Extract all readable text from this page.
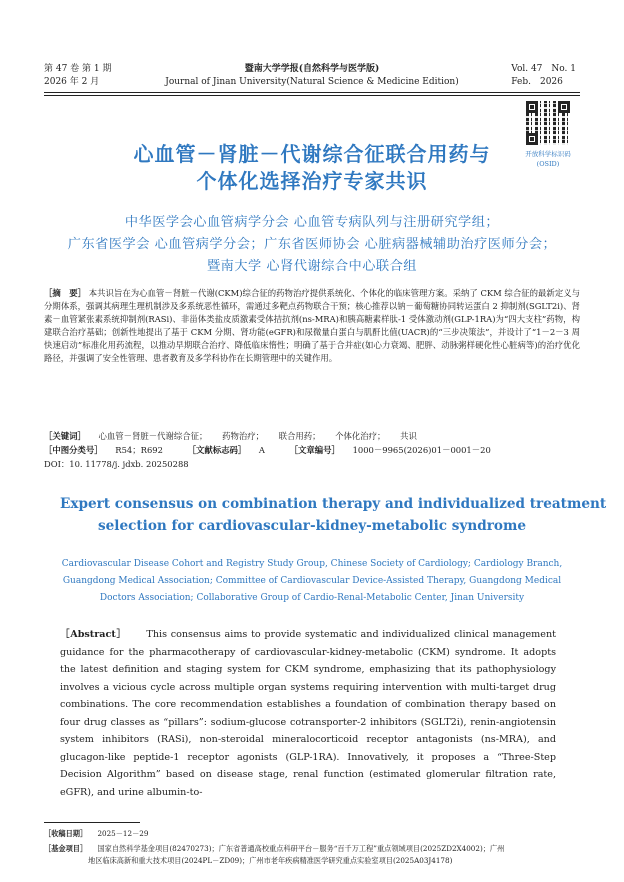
第 47 卷 第 1 期
2026 年 2 月
暨南大学学报(自然科学与医学版)
Journal of Jinan University(Natural Science & Medicine Edition)
Vol. 47　No. 1
Feb.　2026
开放科学标识码
(OSID)
心血管－肾脏－代谢综合征联合用药与
个体化选择治疗专家共识
中华医学会心血管病学分会 心血管专病队列与注册研究学组；
广东省医学会 心血管病学分会；广东省医师协会 心脏病器械辅助治疗医师分会；
暨南大学 心肾代谢综合中心联合组
［摘　要］ 本共识旨在为心血管－肾脏－代谢(CKM)综合征的药物治疗提供系统化、个体化的临床管理方案。采纳了 CKM 综合征的最新定义与分期体系，强调其病理生理机制涉及多系统恶性循环，需通过多靶点药物联合干预；核心推荐以钠－葡萄糖协同转运蛋白 2 抑制剂(SGLT2i)、肾素－血管紧张素系统抑制剂(RASi)、非甾体类盐皮质激素受体拮抗剂(ns-MRA)和胰高糖素样肽-1 受体激动剂(GLP-1RA)为“四大支柱”药物，构建联合治疗基础；创新性地提出了基于 CKM 分期、肾功能(eGFR)和尿微量白蛋白与肌酐比值(UACR)的“三步决策法”，并设计了“1－2－3 周快速启动”标准化用药流程，以推动早期联合治疗、降低临床惰性；明确了基于合并症(如心力衰竭、肥胖、动脉粥样硬化性心脏病等)的治疗优化路径，并强调了安全性管理、患者教育及多学科协作在长期管理中的关键作用。
［关键词］ 心血管－肾脏－代谢综合征； 药物治疗； 联合用药； 个体化治疗； 共识
［中图分类号］ R54；R692	［文献标志码］ A	［文章编号］ 1000－9965(2026)01－0001－20
DOI：10. 11778/j. jdxb. 20250288
Expert consensus on combination therapy and individualized treatment
selection for cardiovascular-kidney-metabolic syndrome
Cardiovascular Disease Cohort and Registry Study Group, Chinese Society of Cardiology; Cardiology Branch,
Guangdong Medical Association; Committee of Cardiovascular Device-Assisted Therapy, Guangdong Medical
Doctors Association; Collaborative Group of Cardio-Renal-Metabolic Center, Jinan University
［Abstract］ This consensus aims to provide systematic and individualized clinical management guidance for the pharmacotherapy of cardiovascular-kidney-metabolic (CKM) syndrome. It adopts the latest definition and staging system for CKM syndrome, emphasizing that its pathophysiology involves a vicious cycle across multiple organ systems requiring intervention with multi-target drug combinations. The core recommendation establishes a foundation of combination therapy based on four drug classes as “pillars”: sodium-glucose cotransporter-2 inhibitors (SGLT2i), renin-angiotensin system inhibitors (RASi), non-steroidal mineralocorticoid receptor antagonists (ns-MRA), and glucagon-like peptide-1 receptor agonists (GLP-1RA). Innovatively, it proposes a “Three-Step Decision Algorithm” based on disease stage, renal function (estimated glomerular filtration rate, eGFR), and urine albumin-to-
［收稿日期］ 2025－12－29
［基金项目］ 国家自然科学基金项目(82470273)；广东省普通高校重点科研平台－服务“百千万工程”重点领域项目(2025ZD2X4002)；广州
地区临床高新和重大技术项目(2024PL－ZD09)；广州市老年疾病精准医学研究重点实验室项目(2025A03J4178)
